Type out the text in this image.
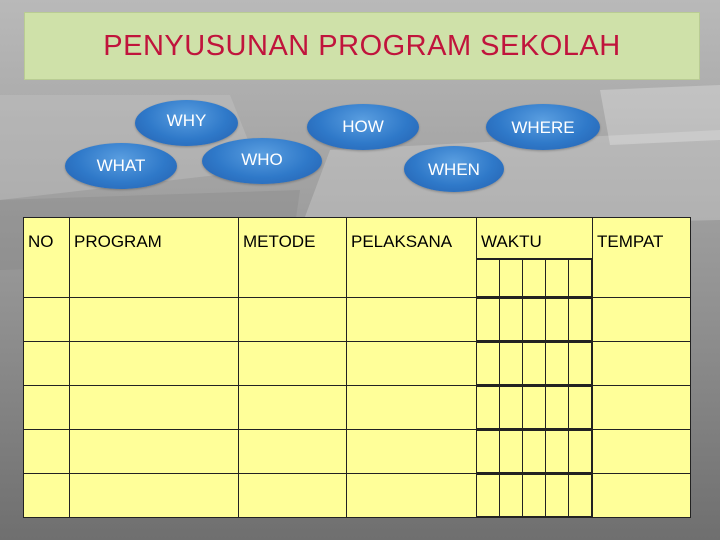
PENYUSUNAN PROGRAM SEKOLAH
WHY	HOW	WHERE
WHAT	WHO
WHEN
NO	PROGRAM	METODE	PELAKSANA	WAKTU					TEMPAT
